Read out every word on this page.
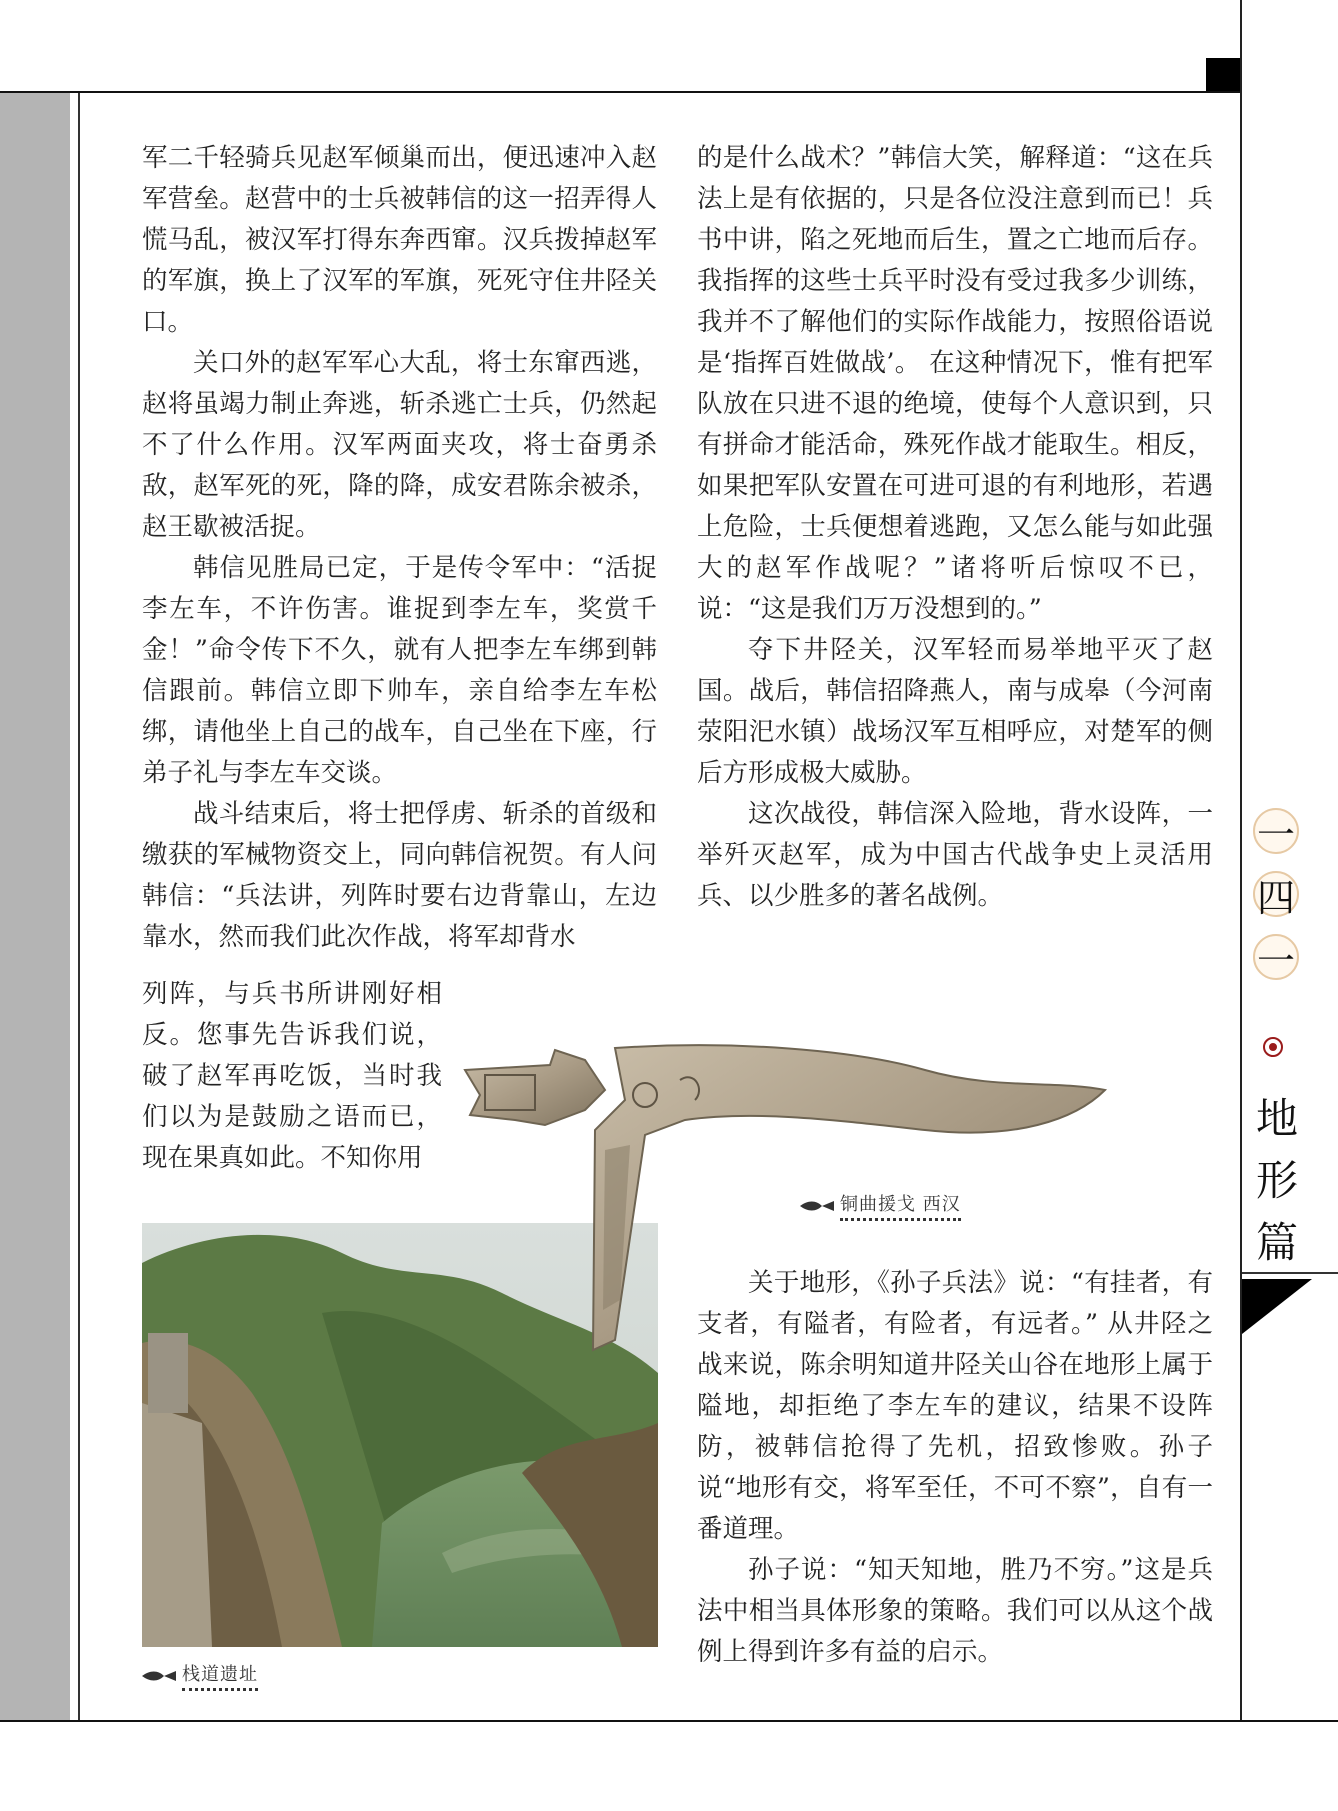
军二千轻骑兵见赵军倾巢而出，便迅速冲入赵军营垒。赵营中的士兵被韩信的这一招弄得人慌马乱，被汉军打得东奔西窜。汉兵拨掉赵军的军旗，换上了汉军的军旗，死死守住井陉关口。

关口外的赵军军心大乱，将士东窜西逃，赵将虽竭力制止奔逃，斩杀逃亡士兵，仍然起不了什么作用。汉军两面夹攻，将士奋勇杀敌，赵军死的死，降的降，成安君陈余被杀，赵王歇被活捉。

韩信见胜局已定，于是传令军中：“活捉李左车，不许伤害。谁捉到李左车，奖赏千金！”命令传下不久，就有人把李左车绑到韩信跟前。韩信立即下帅车，亲自给李左车松绑，请他坐上自己的战车，自己坐在下座，行弟子礼与李左车交谈。

战斗结束后，将士把俘虏、斩杀的首级和缴获的军械物资交上，同向韩信祝贺。有人问韩信：“兵法讲，列阵时要右边背靠山，左边靠水，然而我们此次作战，将军却背水

列阵，与兵书所讲刚好相反。您事先告诉我们说，破了赵军再吃饭，当时我们以为是鼓励之语而已，现在果真如此。不知你用

的是什么战术？”韩信大笑，解释道：“这在兵法上是有依据的，只是各位没注意到而已！兵书中讲，陷之死地而后生，置之亡地而后存。我指挥的这些士兵平时没有受过我多少训练，我并不了解他们的实际作战能力，按照俗语说是‘指挥百姓做战’。 在这种情况下，惟有把军队放在只进不退的绝境，使每个人意识到，只有拼命才能活命，殊死作战才能取生。相反，如果把军队安置在可进可退的有利地形，若遇上危险，士兵便想着逃跑，又怎么能与如此强大的赵军作战呢？”诸将听后惊叹不已，说：“这是我们万万没想到的。”

夺下井陉关，汉军轻而易举地平灭了赵国。战后，韩信招降燕人，南与成皋（今河南荥阳汜水镇）战场汉军互相呼应，对楚军的侧后方形成极大威胁。

这次战役，韩信深入险地，背水设阵，一举歼灭赵军，成为中国古代战争史上灵活用兵、以少胜多的著名战例。

关于地形，《孙子兵法》说：“有挂者，有支者，有隘者，有险者，有远者。” 从井陉之战来说，陈余明知道井陉关山谷在地形上属于隘地，却拒绝了李左车的建议，结果不设阵防，被韩信抢得了先机，招致惨败。孙子说“地形有交，将军至任，不可不察”，自有一番道理。

孙子说：“知天知地，胜乃不穷。”这是兵法中相当具体形象的策略。我们可以从这个战例上得到许多有益的启示。

铜曲援戈 西汉
栈道遗址
一
四
一
地形篇
